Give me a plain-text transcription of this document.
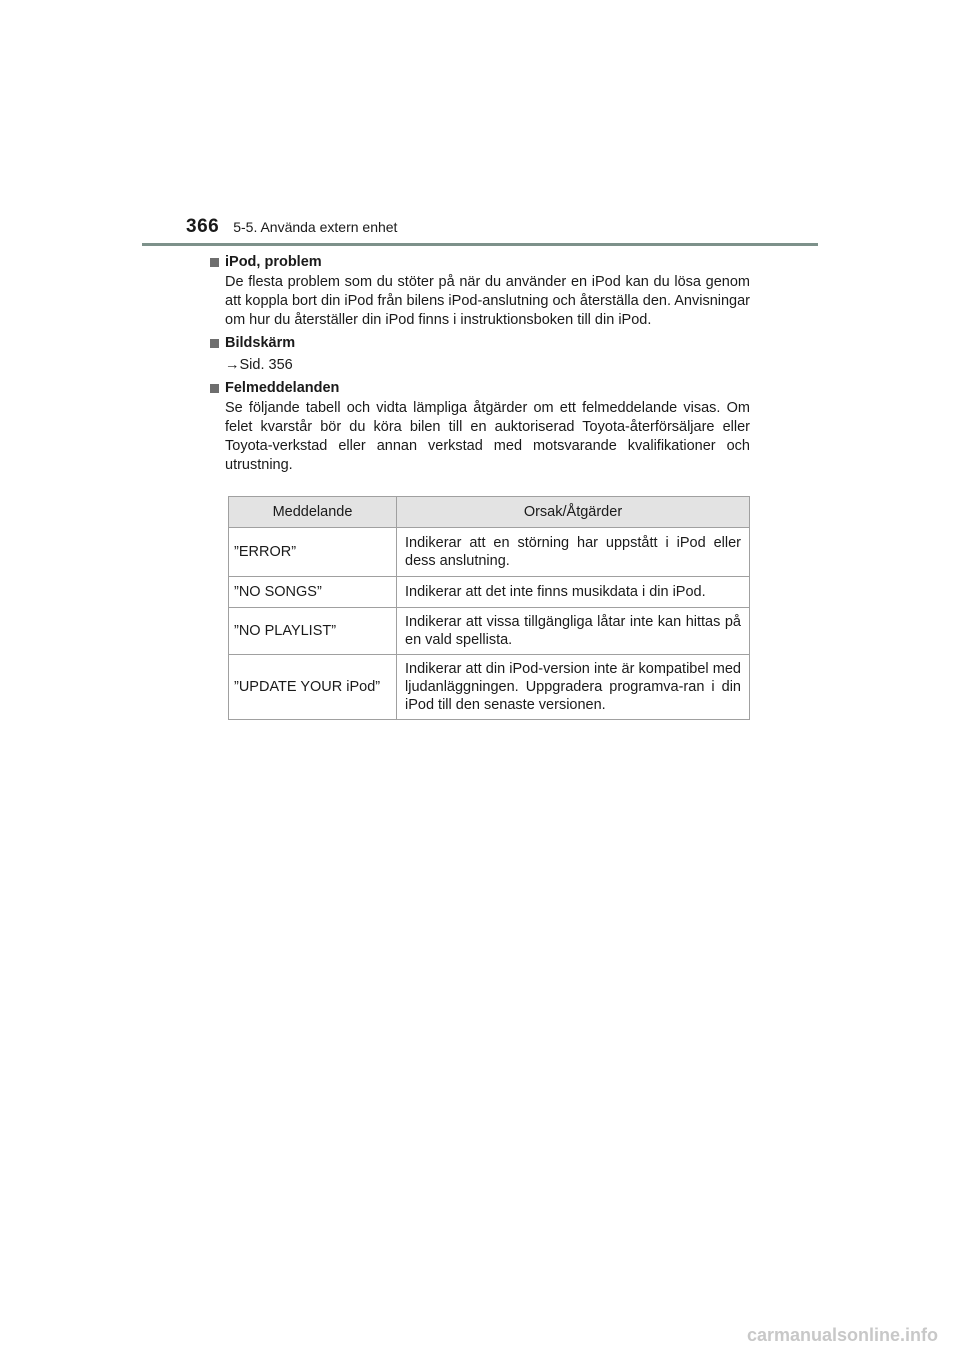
366 5-5. Använda extern enhet
iPod, problem
De flesta problem som du stöter på när du använder en iPod kan du lösa genom att koppla bort din iPod från bilens iPod-anslutning och återställa den. Anvisningar om hur du återställer din iPod finns i instruktionsboken till din iPod.
Bildskärm
→Sid. 356
Felmeddelanden
Se följande tabell och vidta lämpliga åtgärder om ett felmeddelande visas. Om felet kvarstår bör du köra bilen till en auktoriserad Toyota-återförsäljare eller Toyota-verkstad eller annan verkstad med motsvarande kvalifikationer och utrustning.
Meddelande	Orsak/Åtgärder
”ERROR”	Indikerar att en störning har uppstått i iPod eller dess anslutning.
”NO SONGS”	Indikerar att det inte finns musikdata i din iPod.
”NO PLAYLIST”	Indikerar att vissa tillgängliga låtar inte kan hittas på en vald spellista.
”UPDATE YOUR iPod”	Indikerar att din iPod-version inte är kompatibel med ljudanläggningen. Uppgradera programva-ran i din iPod till den senaste versionen.
carmanualsonline.info
